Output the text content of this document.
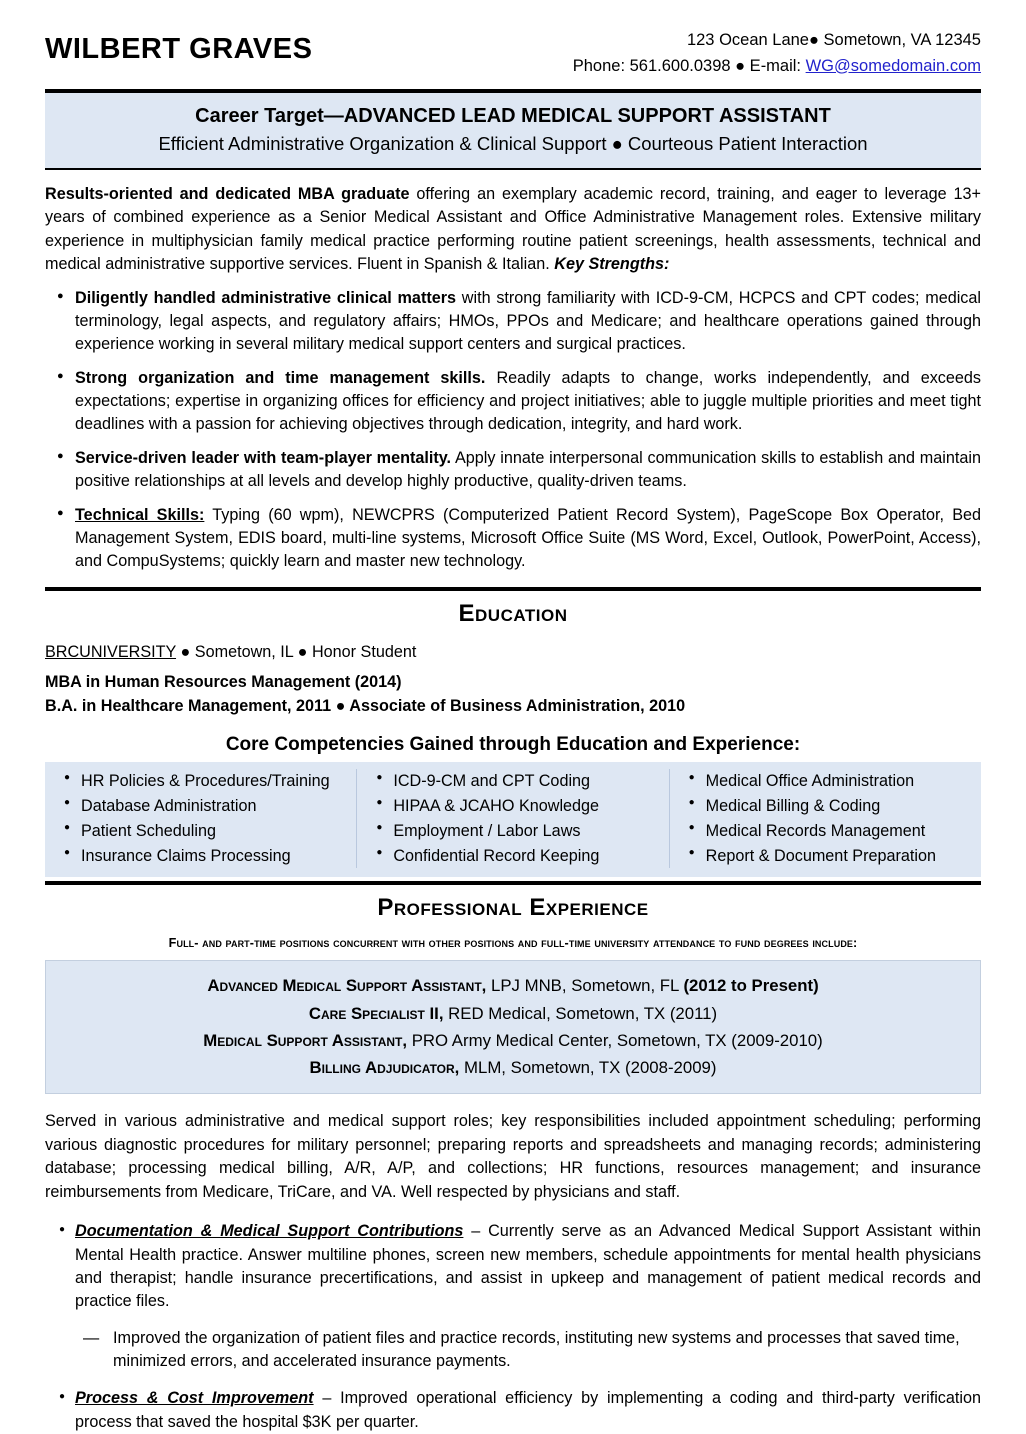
WILBERT GRAVES	123 Ocean Lane● Sometown, VA 12345
Phone: 561.600.0398 ● E-mail: WG@somedomain.com
Career Target—ADVANCED LEAD MEDICAL SUPPORT ASSISTANT
Efficient Administrative Organization & Clinical Support ● Courteous Patient Interaction

Results-oriented and dedicated MBA graduate offering an exemplary academic record, training, and eager to leverage 13+ years of combined experience as a Senior Medical Assistant and Office Administrative Management roles. Extensive military experience in multiphysician family medical practice performing routine patient screenings, health assessments, technical and medical administrative supportive services. Fluent in Spanish & Italian. Key Strengths:

● Diligently handled administrative clinical matters with strong familiarity with ICD-9-CM, HCPCS and CPT codes; medical terminology, legal aspects, and regulatory affairs; HMOs, PPOs and Medicare; and healthcare operations gained through experience working in several military medical support centers and surgical practices.
● Strong organization and time management skills. Readily adapts to change, works independently, and exceeds expectations; expertise in organizing offices for efficiency and project initiatives; able to juggle multiple priorities and meet tight deadlines with a passion for achieving objectives through dedication, integrity, and hard work.
● Service-driven leader with team-player mentality. Apply innate interpersonal communication skills to establish and maintain positive relationships at all levels and develop highly productive, quality-driven teams.
● Technical Skills: Typing (60 wpm), NEWCPRS (Computerized Patient Record System), PageScope Box Operator, Bed Management System, EDIS board, multi-line systems, Microsoft Office Suite (MS Word, Excel, Outlook, PowerPoint, Access), and CompuSystems; quickly learn and master new technology.
Education
BRCUNIVERSITY ● Sometown, IL ● Honor Student
MBA in Human Resources Management (2014)
B.A. in Healthcare Management, 2011 ● Associate of Business Administration, 2010
Core Competencies Gained through Education and Experience:
● HR Policies & Procedures/Training
● Database Administration
● Patient Scheduling
● Insurance Claims Processing
● ICD-9-CM and CPT Coding
● HIPAA & JCAHO Knowledge
● Employment / Labor Laws
● Confidential Record Keeping
● Medical Office Administration
● Medical Billing & Coding
● Medical Records Management
● Report & Document Preparation
Professional Experience
Full- and part-time positions concurrent with other positions and full-time university attendance to fund degrees include:
Advanced Medical Support Assistant, LPJ MNB, Sometown, FL (2012 to Present)
Care Specialist II, RED Medical, Sometown, TX (2011)
Medical Support Assistant, PRO Army Medical Center, Sometown, TX (2009-2010)
Billing Adjudicator, MLM, Sometown, TX (2008-2009)

Served in various administrative and medical support roles; key responsibilities included appointment scheduling; performing various diagnostic procedures for military personnel; preparing reports and spreadsheets and managing records; administering database; processing medical billing, A/R, A/P, and collections; HR functions, resources management; and insurance reimbursements from Medicare, TriCare, and VA. Well respected by physicians and staff.

● Documentation & Medical Support Contributions – Currently serve as an Advanced Medical Support Assistant within Mental Health practice. Answer multiline phones, screen new members, schedule appointments for mental health physicians and therapist; handle insurance precertifications, and assist in upkeep and management of patient medical records and practice files.
— Improved the organization of patient files and practice records, instituting new systems and processes that saved time, minimized errors, and accelerated insurance payments.
● Process & Cost Improvement – Improved operational efficiency by implementing a coding and third-party verification process that saved the hospital $3K per quarter.
